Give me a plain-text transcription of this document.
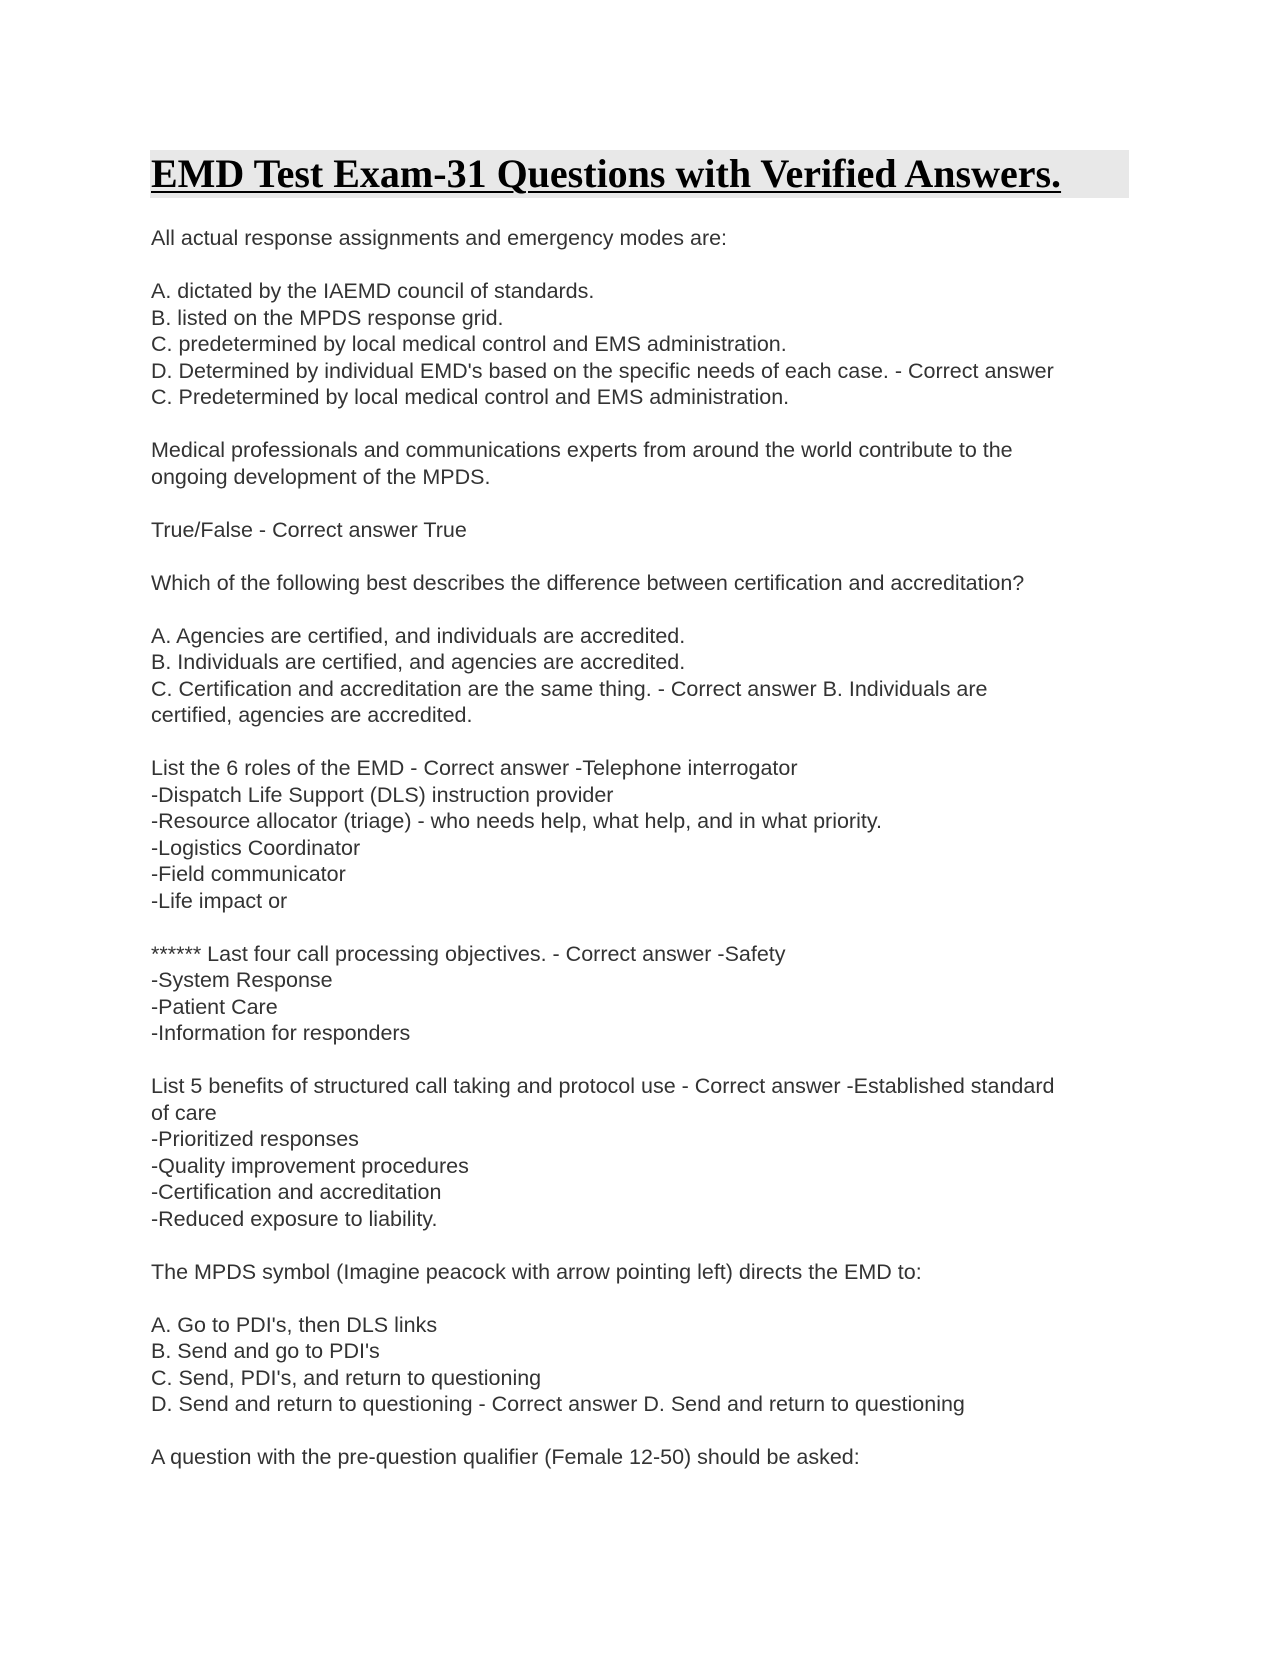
EMD Test Exam-31 Questions with Verified Answers.
All actual response assignments and emergency modes are:
A. dictated by the IAEMD council of standards.
B. listed on the MPDS response grid.
C. predetermined by local medical control and EMS administration.
D. Determined by individual EMD's based on the specific needs of each case. - Correct answer
C. Predetermined by local medical control and EMS administration.
Medical professionals and communications experts from around the world contribute to the
ongoing development of the MPDS.
True/False - Correct answer True
Which of the following best describes the difference between certification and accreditation?
A. Agencies are certified, and individuals are accredited.
B. Individuals are certified, and agencies are accredited.
C. Certification and accreditation are the same thing. - Correct answer B. Individuals are
certified, agencies are accredited.
List the 6 roles of the EMD - Correct answer -Telephone interrogator
-Dispatch Life Support (DLS) instruction provider
-Resource allocator (triage) - who needs help, what help, and in what priority.
-Logistics Coordinator
-Field communicator
-Life impact or
****** Last four call processing objectives. - Correct answer -Safety
-System Response
-Patient Care
-Information for responders
List 5 benefits of structured call taking and protocol use - Correct answer -Established standard
of care
-Prioritized responses
-Quality improvement procedures
-Certification and accreditation
-Reduced exposure to liability.
The MPDS symbol (Imagine peacock with arrow pointing left) directs the EMD to:
A. Go to PDI's, then DLS links
B. Send and go to PDI's
C. Send, PDI's, and return to questioning
D. Send and return to questioning - Correct answer D. Send and return to questioning
A question with the pre-question qualifier (Female 12-50) should be asked:
